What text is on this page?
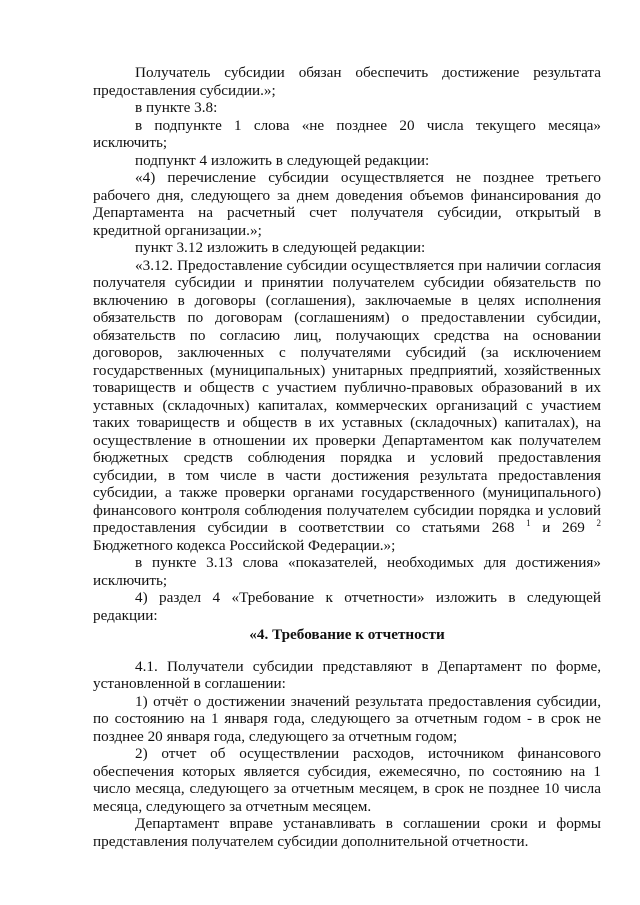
Получатель субсидии обязан обеспечить достижение результата предоставления субсидии.»;

в пункте 3.8:

в подпункте 1 слова «не позднее 20 числа текущего месяца» исключить;

подпункт 4 изложить в следующей редакции:

«4) перечисление субсидии осуществляется не позднее третьего рабочего дня, следующего за днем доведения объемов финансирования до Департамента на расчетный счет получателя субсидии, открытый в кредитной организации.»;

пункт 3.12 изложить в следующей редакции:

«3.12. Предоставление субсидии осуществляется при наличии согласия получателя субсидии и принятии получателем субсидии обязательств по включению в договоры (соглашения), заключаемые в целях исполнения обязательств по договорам (соглашениям) о предоставлении субсидии, обязательств по согласию лиц, получающих средства на основании договоров, заключенных с получателями субсидий (за исключением государственных (муниципальных) унитарных предприятий, хозяйственных товариществ и обществ с участием публично-правовых образований в их уставных (складочных) капиталах, коммерческих организаций с участием таких товариществ и обществ в их уставных (складочных) капиталах), на осуществление в отношении их проверки Департаментом как получателем бюджетных средств соблюдения порядка и условий предоставления субсидии, в том числе в части достижения результата предоставления субсидии, а также проверки органами государственного (муниципального) финансового контроля соблюдения получателем субсидии порядка и условий предоставления субсидии в соответствии со статьями 268 $^1$ и 269 $^2$ Бюджетного кодекса Российской Федерации.»;

в пункте 3.13 слова «показателей, необходимых для достижения» исключить;

4) раздел 4 «Требование к отчетности» изложить в следующей редакции:

«4. Требование к отчетности

4.1. Получатели субсидии представляют в Департамент по форме, установленной в соглашении:

1) отчёт о достижении значений результата предоставления субсидии, по состоянию на 1 января года, следующего за отчетным годом - в срок не позднее 20 января года, следующего за отчетным годом;

2) отчет об осуществлении расходов, источником финансового обеспечения которых является субсидия, ежемесячно, по состоянию на 1 число месяца, следующего за отчетным месяцем, в срок не позднее 10 числа месяца, следующего за отчетным месяцем.

Департамент вправе устанавливать в соглашении сроки и формы представления получателем субсидии дополнительной отчетности.
